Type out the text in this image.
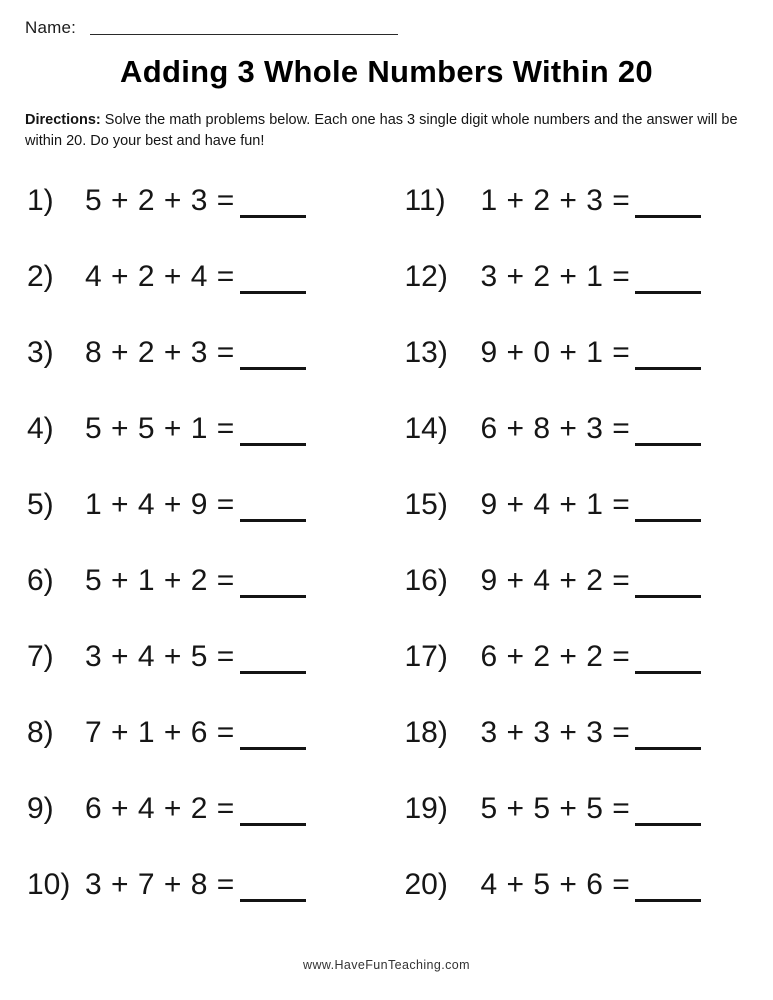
Name:
Adding 3 Whole Numbers Within 20
Directions: Solve the math problems below. Each one has 3 single digit whole numbers and the answer will be within 20. Do your best and have fun!
1)	5 + 2 + 3 =
2)	4 + 2 + 4 =
3)	8 + 2 + 3 =
4)	5 + 5 + 1 =
5)	1 + 4 + 9 =
6)	5 + 1 + 2 =
7)	3 + 4 + 5 =
8)	7 + 1 + 6 =
9)	6 + 4 + 2 =
10) 3 + 7 + 8 =
11)	1 + 2 + 3 =
12)	3 + 2 + 1 =
13)	9 + 0 + 1 =
14)	6 + 8 + 3 =
15)	9 + 4 + 1 =
16)	9 + 4 + 2 =
17)	6 + 2 + 2 =
18)	3 + 3 + 3 =
19)	5 + 5 + 5 =
20)	4 + 5 + 6 =
www.HaveFunTeaching.com
